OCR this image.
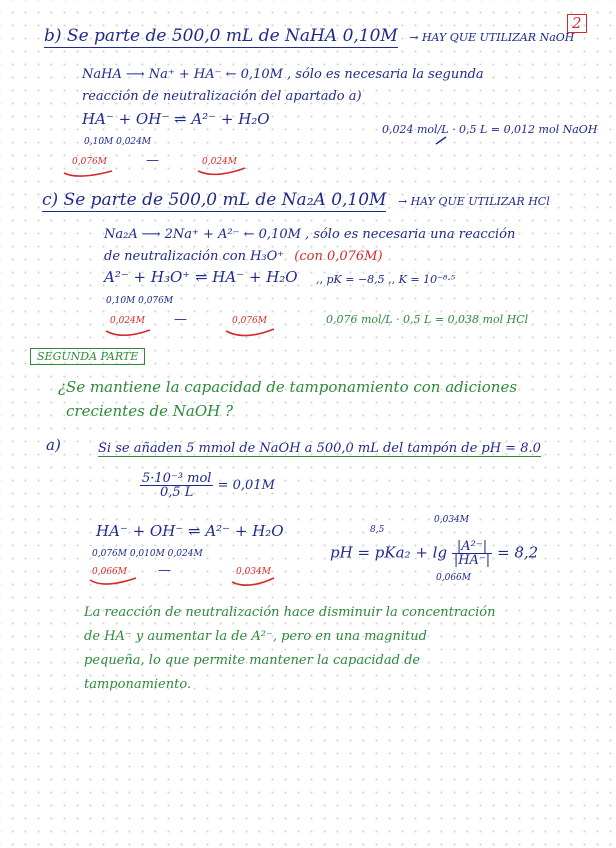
2
b) Se parte de 500,0 mL de NaHA 0,10M → HAY QUE UTILIZAR NaOH
NaHA ⟶ Na⁺ + HA⁻ ← 0,10M , sólo es necesaria la segunda
reacción de neutralización del apartado a)
HA⁻ + OH⁻ ⇌ A²⁻ + H₂O
0,10M 0,024M
0,024 mol/L · 0,5 L = 0,012 mol NaOH
0,076M	—	0,024M
c) Se parte de 500,0 mL de Na₂A 0,10M → HAY QUE UTILIZAR HCl
Na₂A ⟶ 2Na⁺ + A²⁻ ← 0,10M , sólo es necesaria una reacción
de neutralización con H₃O⁺ (con 0,076M)
A²⁻ + H₃O⁺ ⇌ HA⁻ + H₂O ,, pK = −8,5 ,, K = 10⁻⁸·⁵
0,10M 0,076M
0,024M —	0,076M	0,076 mol/L · 0,5 L = 0,038 mol HCl
SEGUNDA PARTE
¿Se mantiene la capacidad de tamponamiento con adiciones
crecientes de NaOH ?
a)	Si se añaden 5 mmol de NaOH a 500,0 mL del tampón de pH = 8.0
$\frac{\text{5·10⁻³ mol}}{0,5 L} = 0,01M$
HA⁻ + OH⁻ ⇌ A²⁻ + H₂O
0,076M 0,010M 0,024M
0,066M —	0,034M
8,5
0,034M
pH = $pKa_2 + \lg \frac{\text{|A²⁻|}}{|HA^-|} = 8,2$
0,066M
La reacción de neutralización hace disminuir la concentración
de HA⁻ y aumentar la de A²⁻, pero en una magnitud
pequeña, lo que permite mantener la capacidad de
tamponamiento.
